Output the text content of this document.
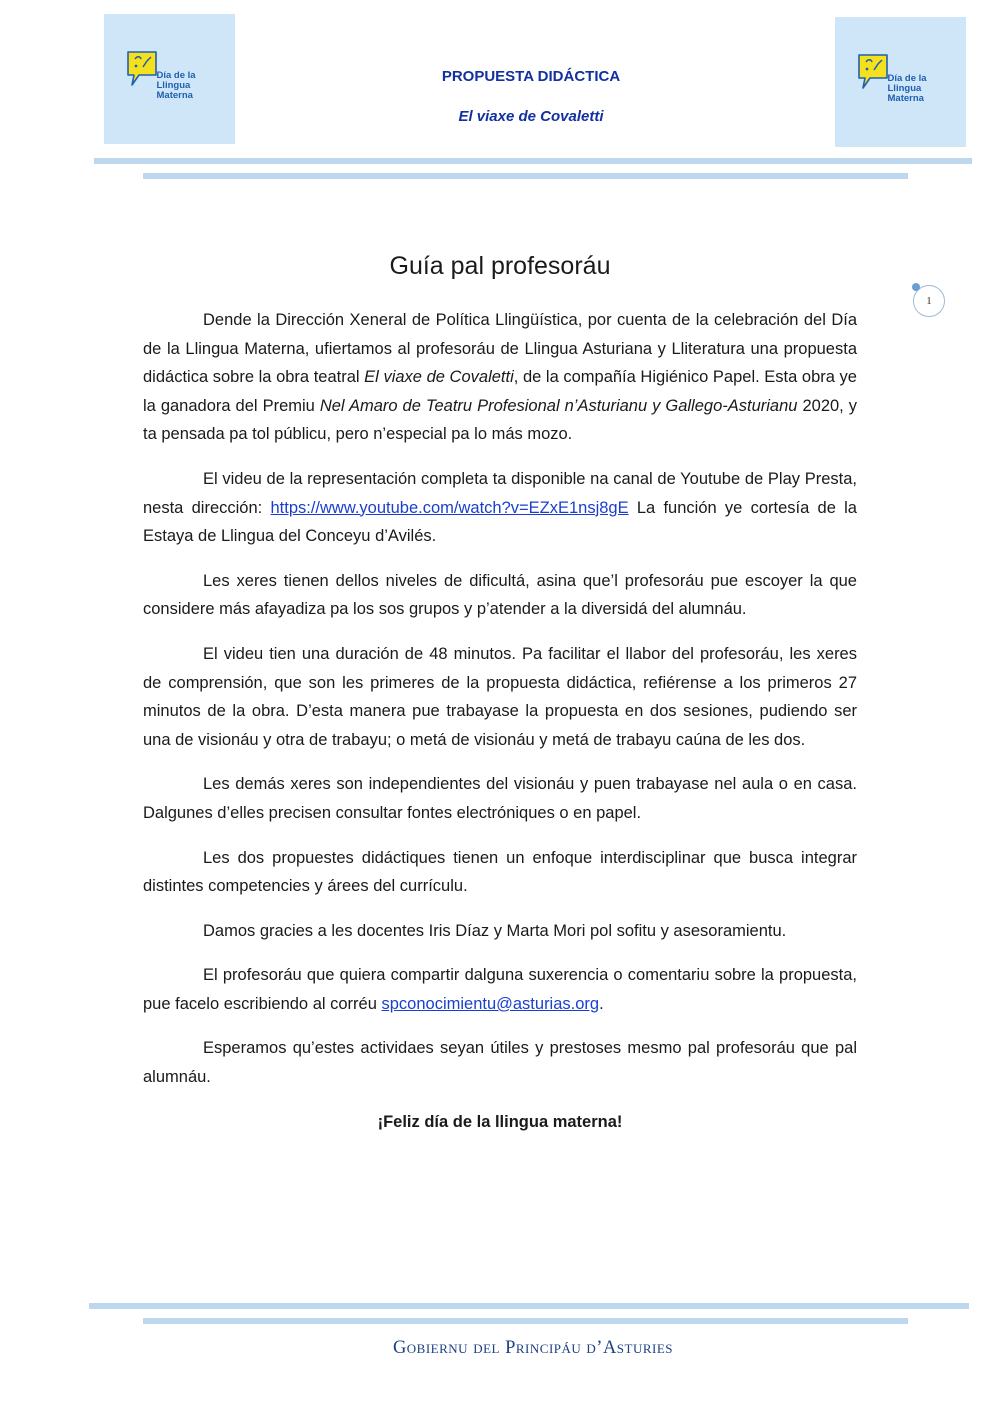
Día de la
Llingua
Materna
Día de la
Llingua
Materna
PROPUESTA DIDÁCTICA
El viaxe de Covaletti
1
Guía pal profesoráu

Dende la Dirección Xeneral de Política Llingüística, por cuenta de la celebración del Día de la Llingua Materna, ufiertamos al profesoráu de Llingua Asturiana y Lliteratura una propuesta didáctica sobre la obra teatral El viaxe de Covaletti, de la compañía Higiénico Papel. Esta obra ye la ganadora del Premiu Nel Amaro de Teatru Profesional n’Asturianu y Gallego-Asturianu 2020, y ta pensada pa tol públicu, pero n’especial pa lo más mozo.

El videu de la representación completa ta disponible na canal de Youtube de Play Presta, nesta dirección: https://www.youtube.com/watch?v=EZxE1nsj8gE La función ye cortesía de la Estaya de Llingua del Conceyu d’Avilés.

Les xeres tienen dellos niveles de dificultá, asina que’l profesoráu pue escoyer la que considere más afayadiza pa los sos grupos y p’atender a la diversidá del alumnáu.

El videu tien una duración de 48 minutos. Pa facilitar el llabor del profesoráu, les xeres de comprensión, que son les primeres de la propuesta didáctica, refiérense a los primeros 27 minutos de la obra. D’esta manera pue trabayase la propuesta en dos sesiones, pudiendo ser una de visionáu y otra de trabayu; o metá de visionáu y metá de trabayu caúna de les dos.

Les demás xeres son independientes del visionáu y puen trabayase nel aula o en casa. Dalgunes d’elles precisen consultar fontes electróniques o en papel.

Les dos propuestes didáctiques tienen un enfoque interdisciplinar que busca integrar distintes competencies y árees del currículu.

Damos gracies a les docentes Iris Díaz y Marta Mori pol sofitu y asesoramientu.

El profesoráu que quiera compartir dalguna suxerencia o comentariu sobre la propuesta, pue facelo escribiendo al corréu spconocimientu@asturias.org.

Esperamos qu’estes actividaes seyan útiles y prestoses mesmo pal profesoráu que pal alumnáu.

¡Feliz día de la llingua materna!

Gobiernu del Principáu d’Asturies
